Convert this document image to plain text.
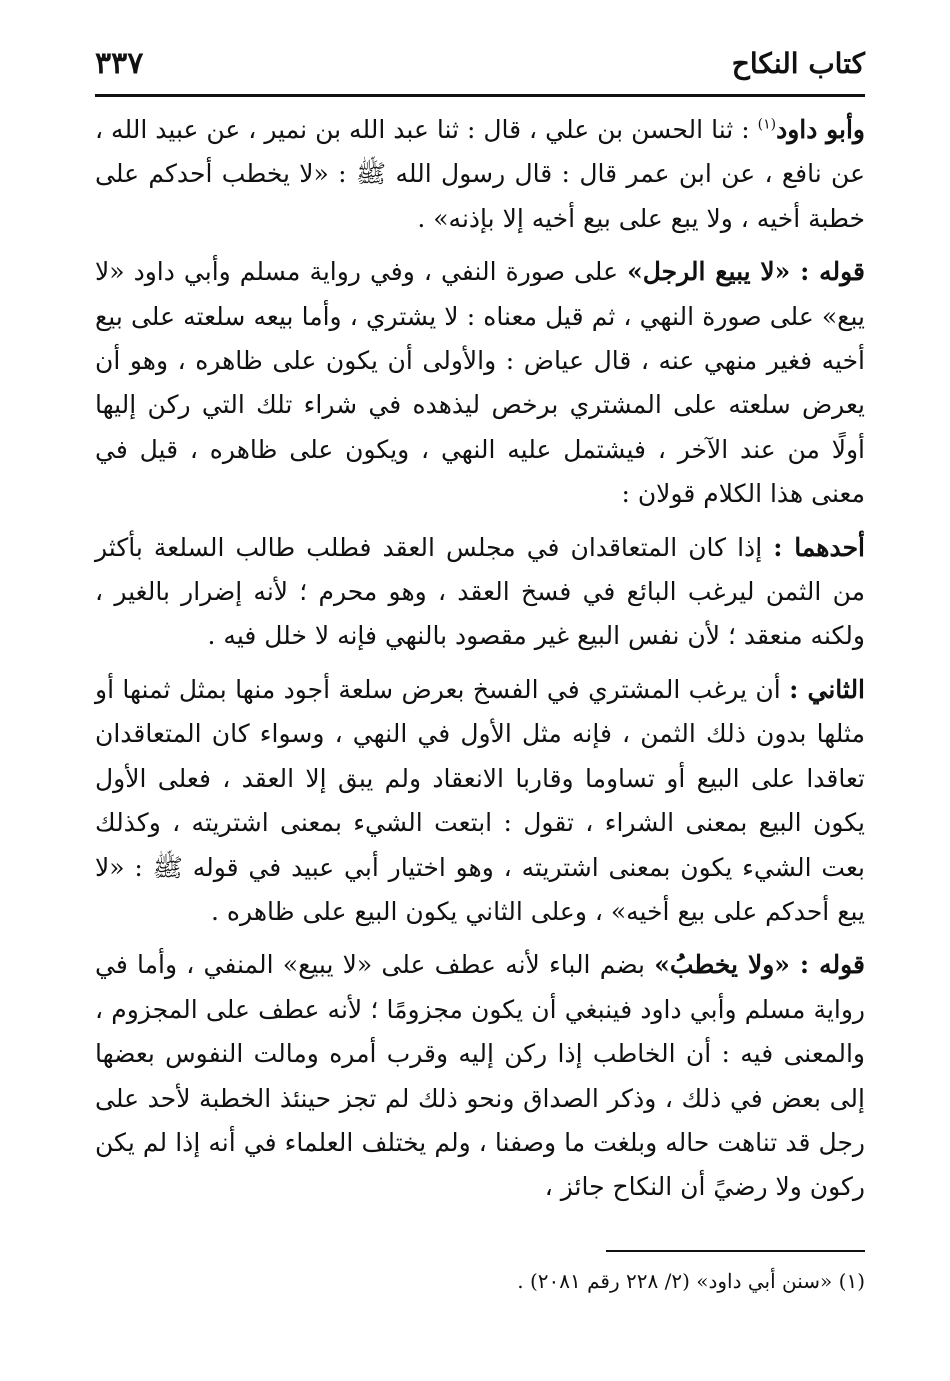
كتاب النكاح
٣٣٧

وأبو داود$^{(١)}$ : ثنا الحسن بن علي ، قال : ثنا عبد الله بن نمير ، عن عبيد الله ، عن نافع ، عن ابن عمر قال : قال رسول الله ﷺ : «لا يخطب أحدكم على خطبة أخيه ، ولا يبع على بيع أخيه إلا بإذنه» .

قوله : «لا يبيع الرجل» على صورة النفي ، وفي رواية مسلم وأبي داود «لا يبع» على صورة النهي ، ثم قيل معناه : لا يشتري ، وأما بيعه سلعته على بيع أخيه فغير منهي عنه ، قال عياض : والأولى أن يكون على ظاهره ، وهو أن يعرض سلعته على المشتري برخص ليذهده في شراء تلك التي ركن إليها أولًا من عند الآخر ، فيشتمل عليه النهي ، ويكون على ظاهره ، قيل في معنى هذا الكلام قولان :

أحدهما : إذا كان المتعاقدان في مجلس العقد فطلب طالب السلعة بأكثر من الثمن ليرغب البائع في فسخ العقد ، وهو محرم ؛ لأنه إضرار بالغير ، ولكنه منعقد ؛ لأن نفس البيع غير مقصود بالنهي فإنه لا خلل فيه .

الثاني : أن يرغب المشتري في الفسخ بعرض سلعة أجود منها بمثل ثمنها أو مثلها بدون ذلك الثمن ، فإنه مثل الأول في النهي ، وسواء كان المتعاقدان تعاقدا على البيع أو تساوما وقاربا الانعقاد ولم يبق إلا العقد ، فعلى الأول يكون البيع بمعنى الشراء ، تقول : ابتعت الشيء بمعنى اشتريته ، وكذلك بعت الشيء يكون بمعنى اشتريته ، وهو اختيار أبي عبيد في قوله ﷺ : «لا يبع أحدكم على بيع أخيه» ، وعلى الثاني يكون البيع على ظاهره .

قوله : «ولا يخطبُ» بضم الباء لأنه عطف على «لا يبيع» المنفي ، وأما في رواية مسلم وأبي داود فينبغي أن يكون مجزومًا ؛ لأنه عطف على المجزوم ، والمعنى فيه : أن الخاطب إذا ركن إليه وقرب أمره ومالت النفوس بعضها إلى بعض في ذلك ، وذكر الصداق ونحو ذلك لم تجز حينئذ الخطبة لأحد على رجل قد تناهت حاله وبلغت ما وصفنا ، ولم يختلف العلماء في أنه إذا لم يكن ركون ولا رضيً أن النكاح جائز ،

(١) «سنن أبي داود» (٢/ ٢٢٨ رقم ٢٠٨١) .
